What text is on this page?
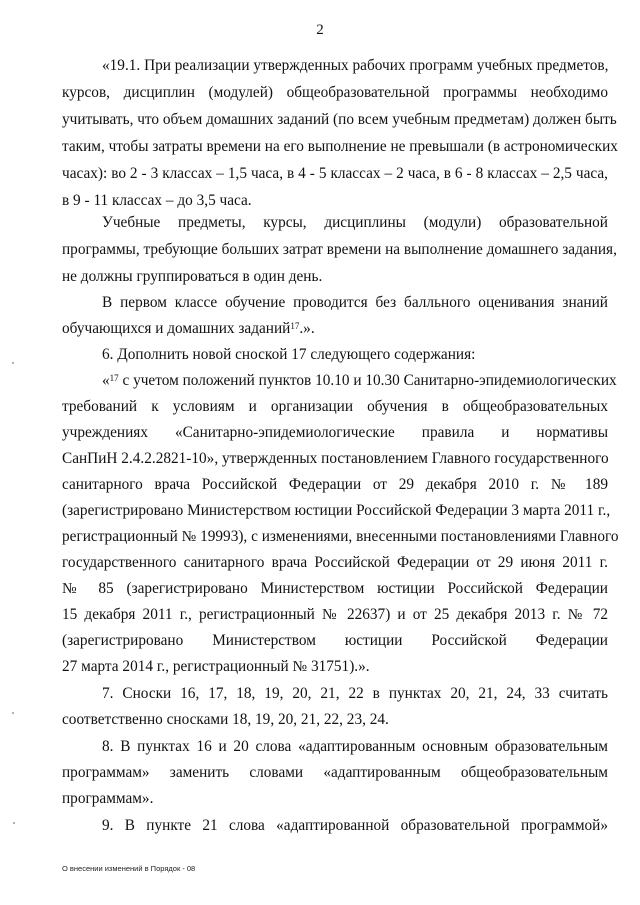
2
«19.1. При реализации утвержденных рабочих программ учебных предметов,
курсов, дисциплин (модулей) общеобразовательной программы необходимо
учитывать, что объем домашних заданий (по всем учебным предметам) должен быть
таким, чтобы затраты времени на его выполнение не превышали (в астрономических
часах): во 2 - 3 классах – 1,5 часа, в 4 - 5 классах – 2 часа, в 6 - 8 классах – 2,5 часа,
в 9 - 11 классах – до 3,5 часа.
Учебные предметы, курсы, дисциплины (модули) образовательной
программы, требующие больших затрат времени на выполнение домашнего задания,
не должны группироваться в один день.
В первом классе обучение проводится без балльного оценивания знаний
обучающихся и домашних заданий$^{17}$.».
6. Дополнить новой сноской 17 следующего содержания:
«$^{17}$ с учетом положений пунктов 10.10 и 10.30 Санитарно-эпидемиологических
требований к условиям и организации обучения в общеобразовательных
учреждениях «Санитарно-эпидемиологические правила и нормативы
СанПиН 2.4.2.2821-10», утвержденных постановлением Главного государственного
санитарного врача Российской Федерации от 29 декабря 2010 г. № 189
(зарегистрировано Министерством юстиции Российской Федерации 3 марта 2011 г.,
регистрационный № 19993), с изменениями, внесенными постановлениями Главного
государственного санитарного врача Российской Федерации от 29 июня 2011 г.
№ 85 (зарегистрировано Министерством юстиции Российской Федерации
15 декабря 2011 г., регистрационный № 22637) и от 25 декабря 2013 г. № 72
(зарегистрировано Министерством юстиции Российской Федерации
27 марта 2014 г., регистрационный № 31751).».
7. Сноски 16, 17, 18, 19, 20, 21, 22 в пунктах 20, 21, 24, 33 считать
соответственно сносками 18, 19, 20, 21, 22, 23, 24.
8. В пунктах 16 и 20 слова «адаптированным основным образовательным
программам» заменить словами «адаптированным общеобразовательным
программам».
9. В пункте 21 слова «адаптированной образовательной программой»
О внесении изменений в Порядок - 08
